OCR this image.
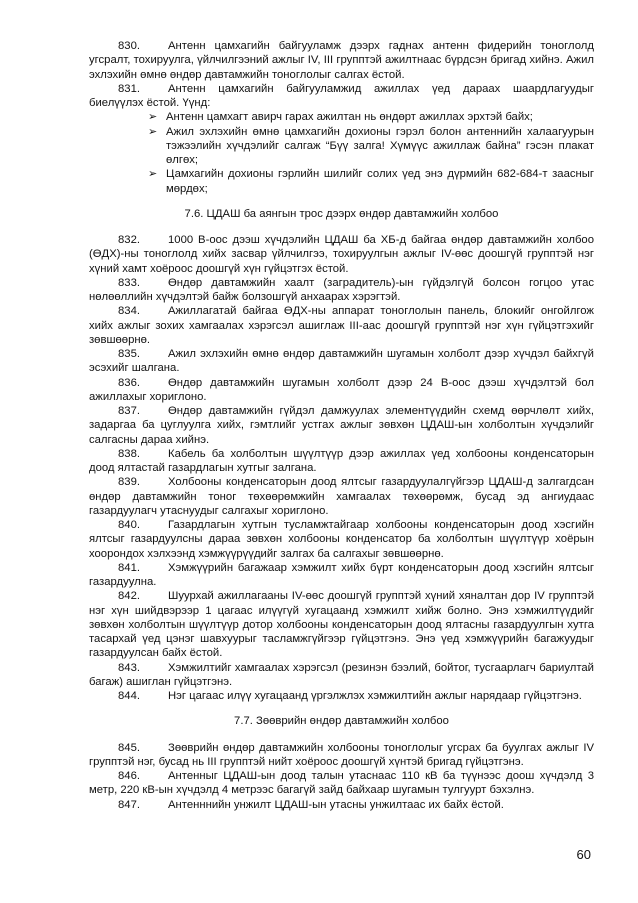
830. Антенн цамхагийн байгууламж дээрх гаднах антенн фидерийн тоноглолд угсралт, тохируулга, үйлчилгээний ажлыг IV, III групптэй ажилтнаас бүрдсэн бригад хийнэ. Ажил эхлэхийн өмнө өндөр давтамжийн тоноглолыг салгах ёстой.

831. Антенн цамхагийн байгууламжид ажиллах үед дараах шаардлагуудыг биелүүлэх ёстой. Үүнд:

➢ Антенн цамхагт авирч гарах ажилтан нь өндөрт ажиллах эрхтэй байх;
➢ Ажил эхлэхийн өмнө цамхагийн дохионы гэрэл болон антеннийн халаагуурын тэжээлийн хүчдэлийг салгаж “Бүү залга! Хүмүүс ажиллаж байна” гэсэн плакат өлгөх;
➢ Цамхагийн дохионы гэрлийн шилийг солих үед энэ дүрмийн 682-684-т заасныг мөрдөх;

7.6. ЦДАШ ба аянгын трос дээрх өндөр давтамжийн холбоо

832. 1000 В-оос дээш хүчдэлийн ЦДАШ ба ХБ-д байгаа өндөр давтамжийн холбоо (ӨДХ)-ны тоноглолд хийх засвар үйлчилгээ, тохируулгын ажлыг IV-өөс доошгүй групптэй нэг хүний хамт хоёроос доошгүй хүн гүйцэтгэх ёстой.

833. Өндөр давтамжийн хаалт (заградитель)-ын гүйдэлгүй болсон гогцоо утас нөлөөллийн хүчдэлтэй байж болзошгүй анхаарах хэрэгтэй.

834. Ажиллагатай байгаа ӨДХ-ны аппарат тоноглолын панель, блокийг онгойлгож хийх ажлыг зохих хамгаалах хэрэгсэл ашиглаж III-аас доошгүй групптэй нэг хүн гүйцэтгэхийг зөвшөөрнө.

835. Ажил эхлэхийн өмнө өндөр давтамжийн шугамын холболт дээр хүчдэл байхгүй эсэхийг шалгана.

836. Өндөр давтамжийн шугамын холболт дээр 24 В-оос дээш хүчдэлтэй бол ажиллахыг хориглоно.

837. Өндөр давтамжийн гүйдэл дамжуулах элементүүдийн схемд өөрчлөлт хийх, задаргаа ба цуглуулга хийх, гэмтлийг устгах ажлыг зөвхөн ЦДАШ-ын холболтын хүчдэлийг салгасны дараа хийнэ.

838. Кабель ба холболтын шүүлтүүр дээр ажиллах үед холбооны конденсаторын доод ялтастай газардлагын хутгыг залгана.

839. Холбооны конденсаторын доод ялтсыг газардуулалгүйгээр ЦДАШ-д залгагдсан өндөр давтамжийн тоног төхөөрөмжийн хамгаалах төхөөрөмж, бусад эд ангиудаас газардуулагч утаснуудыг салгахыг хориглоно.

840. Газардлагын хутгын тусламжтайгаар холбооны конденсаторын доод хэсгийн ялтсыг газардуулсны дараа зөвхөн холбооны конденсатор ба холболтын шүүлтүүр хоёрын хоорондох хэлхээнд хэмжүүрүүдийг залгах ба салгахыг зөвшөөрнө.

841. Хэмжүүрийн багажаар хэмжилт хийх бүрт конденсаторын доод хэсгийн ялтсыг газардуулна.

842. Шуурхай ажиллагааны IV-өөс доошгүй групптэй хүний хяналтан дор IV групптэй нэг хүн шийдвэрээр 1 цагаас илүүгүй хугацаанд хэмжилт хийж болно. Энэ хэмжилтүүдийг зөвхөн холболтын шүүлтүүр дотор холбооны конденсаторын доод ялтасны газардуулгын хутга тасархай үед цэнэг шавхуурыг тасламжгүйгээр гүйцэтгэнэ. Энэ үед хэмжүүрийн багажуудыг газардуулсан байх ёстой.

843. Хэмжилтийг хамгаалах хэрэгсэл (резинэн бээлий, бойтог, тусгаарлагч бариултай багаж) ашиглан гүйцэтгэнэ.

844. Нэг цагаас илүү хугацаанд үргэлжлэх хэмжилтийн ажлыг нарядаар гүйцэтгэнэ.

7.7. Зөөврийн өндөр давтамжийн холбоо

845. Зөөврийн өндөр давтамжийн холбооны тоноглолыг угсрах ба буулгах ажлыг IV групптэй нэг, бусад нь III групптэй нийт хоёроос доошгүй хүнтэй бригад гүйцэтгэнэ.

846. Антенныг ЦДАШ-ын доод талын утаснаас 110 кВ ба түүнээс доош хүчдэлд 3 метр, 220 кВ-ын хүчдэлд 4 метрээс багагүй зайд байхаар шугамын тулгуурт бэхэлнэ.

847. Антенннийн унжилт ЦДАШ-ын утасны унжилтаас их байх ёстой.

60
